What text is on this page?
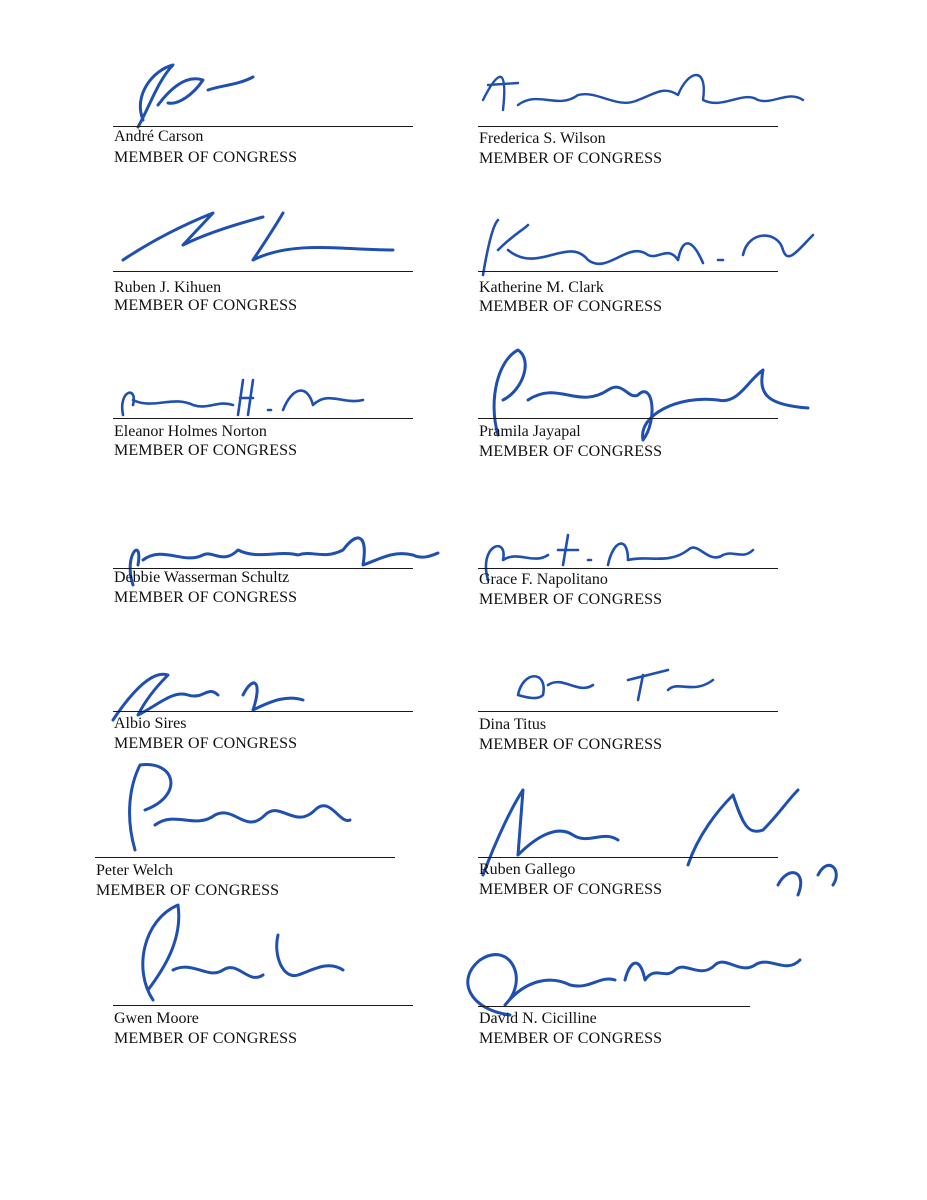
André Carson
MEMBER OF CONGRESS
Frederica S. Wilson
MEMBER OF CONGRESS
Ruben J. Kihuen
MEMBER OF CONGRESS
Katherine M. Clark
MEMBER OF CONGRESS
Eleanor Holmes Norton
MEMBER OF CONGRESS
Pramila Jayapal
MEMBER OF CONGRESS
Debbie Wasserman Schultz
MEMBER OF CONGRESS
Grace F. Napolitano
MEMBER OF CONGRESS
Albio Sires
MEMBER OF CONGRESS
Dina Titus
MEMBER OF CONGRESS
Peter Welch
MEMBER OF CONGRESS
Ruben Gallego
MEMBER OF CONGRESS
Gwen Moore
MEMBER OF CONGRESS
David N. Cicilline
MEMBER OF CONGRESS
